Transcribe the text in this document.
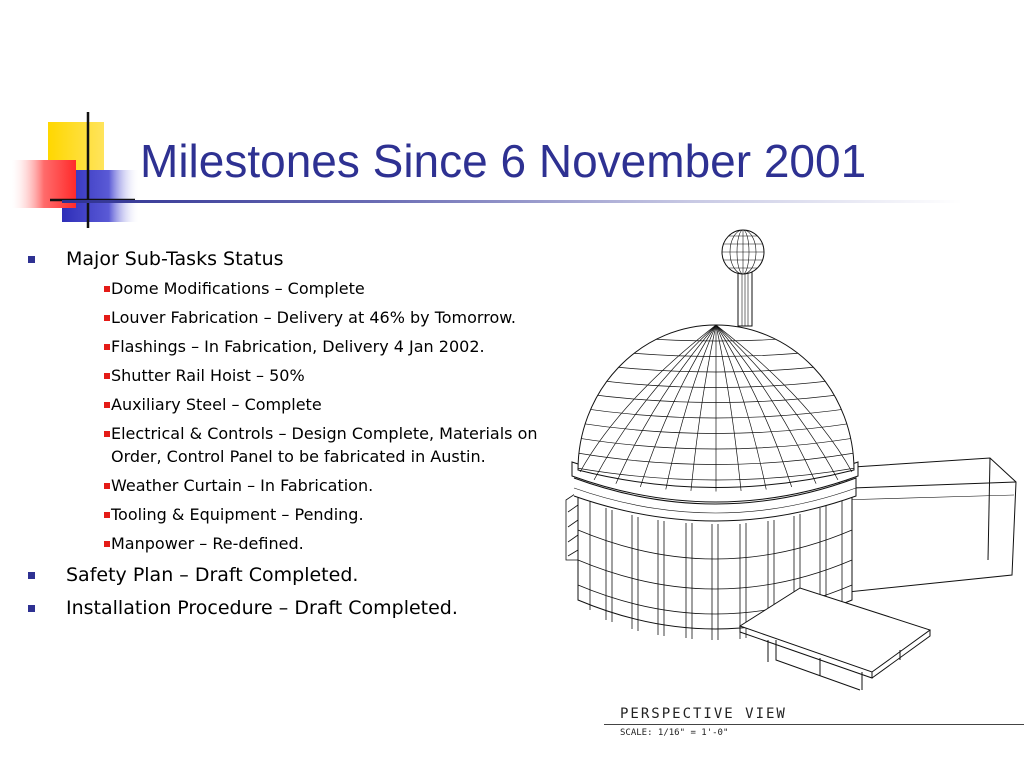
Milestones Since 6 November 2001
Major Sub-Tasks Status
Dome Modifications – Complete
Louver Fabrication – Delivery at 46% by Tomorrow.
Flashings – In Fabrication, Delivery 4 Jan 2002.
Shutter Rail Hoist – 50%
Auxiliary Steel – Complete
Electrical & Controls – Design Complete, Materials on Order, Control Panel to be fabricated in Austin.
Weather Curtain – In Fabrication.
Tooling & Equipment – Pending.
Manpower – Re-defined.
Safety Plan – Draft Completed.
Installation Procedure – Draft Completed.

PERSPECTIVE VIEW

SCALE: 1/16" = 1'-0"
